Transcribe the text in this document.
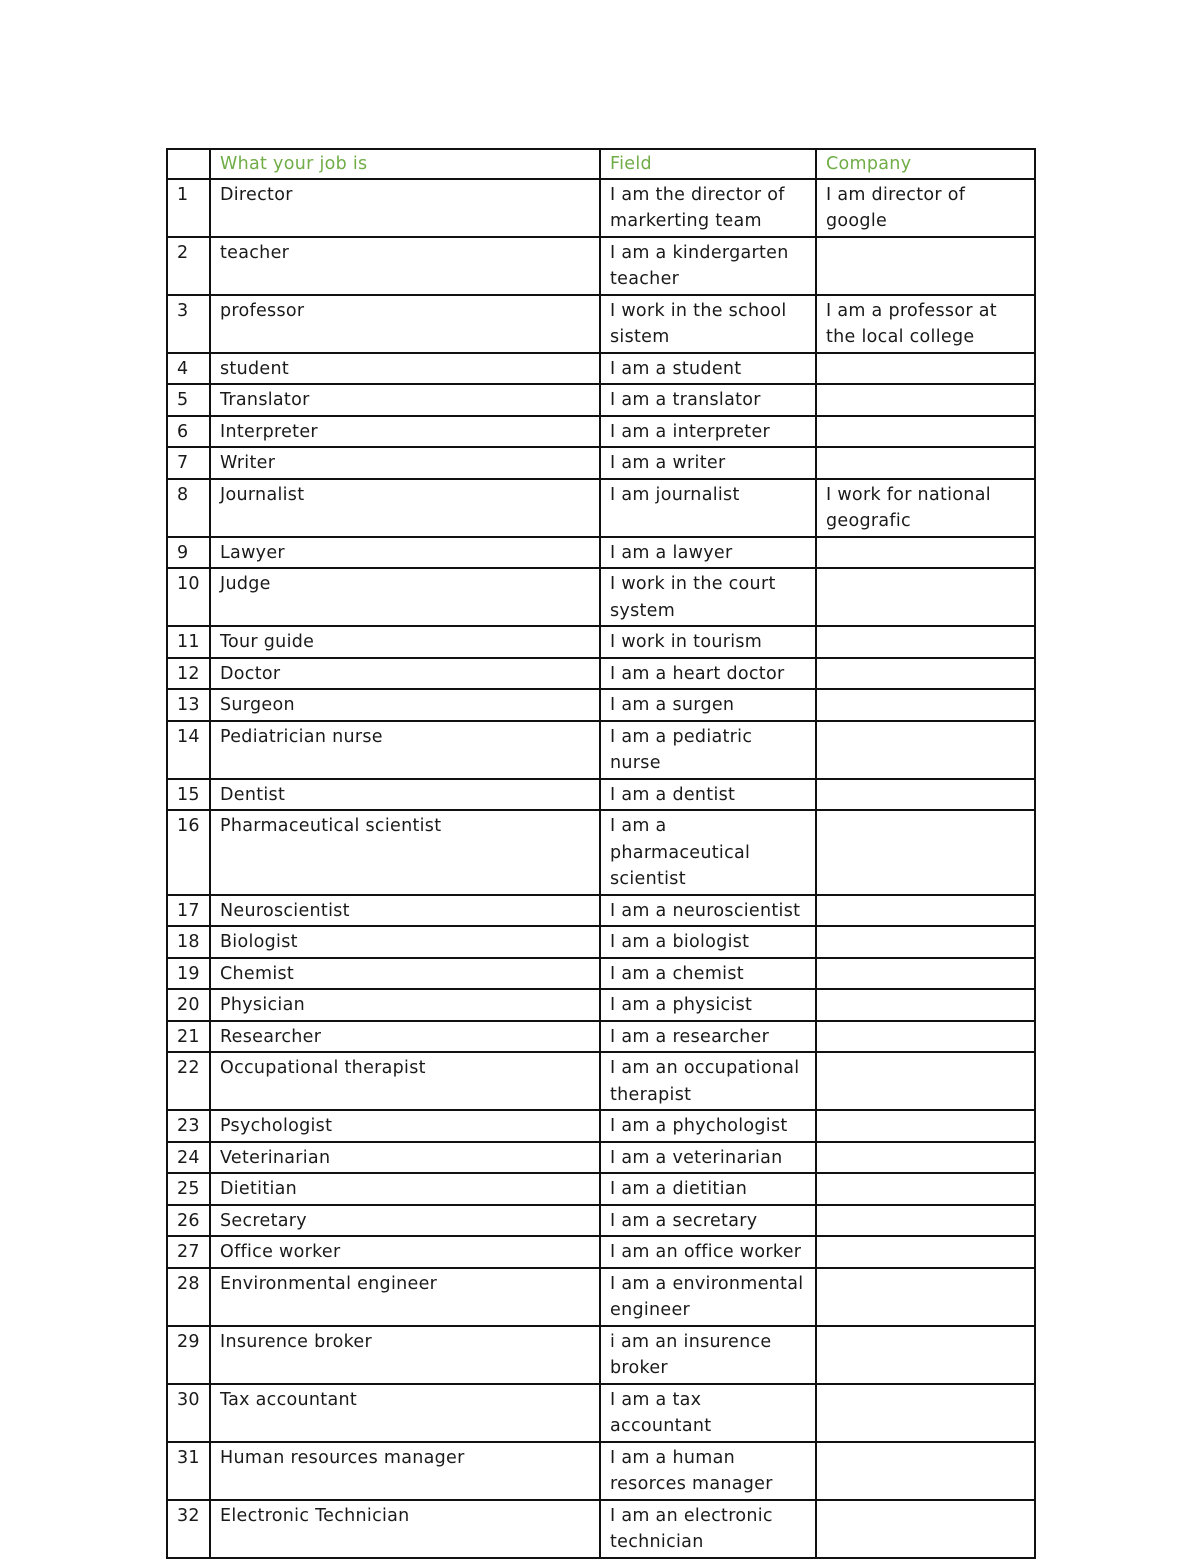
	What your job is	Field	Company
1	Director	I am the director of markerting team	I am director of google
2	teacher	I am a kindergarten teacher	
3	professor	I work in the school sistem	I am a professor at the local college
4	student	I am a student	
5	Translator	I am a translator	
6	Interpreter	I am a interpreter	
7	Writer	I am a writer	
8	Journalist	I am journalist	I work for national geografic
9	Lawyer	I am a lawyer	
10	Judge	I work in the court system	
11	Tour guide	I work in tourism	
12	Doctor	I am a heart doctor	
13	Surgeon	I am a surgen	
14	Pediatrician nurse	I am a pediatric nurse	
15	Dentist	I am a dentist	
16	Pharmaceutical scientist	I am a pharmaceutical scientist	
17	Neuroscientist	I am a neuroscientist	
18	Biologist	I am a biologist	
19	Chemist	I am a chemist	
20	Physician	I am a physicist	
21	Researcher	I am a researcher	
22	Occupational therapist	I am an occupational therapist	
23	Psychologist	I am a phychologist	
24	Veterinarian	I am a veterinarian	
25	Dietitian	I am a dietitian	
26	Secretary	I am a secretary	
27	Office worker	I am an office worker	
28	Environmental engineer	I am a environmental engineer	
29	Insurence broker	i am an insurence broker	
30	Tax accountant	I am a tax accountant	
31	Human resources manager	I am a human resorces manager	
32	Electronic Technician	I am an electronic technician	
